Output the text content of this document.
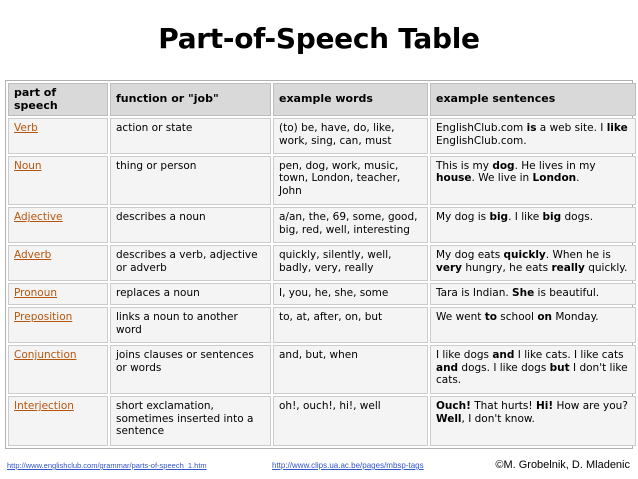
Part-of-Speech Table
part of speech	function or "job"	example words	example sentences
Verb	action or state	(to) be, have, do, like, work, sing, can, must	EnglishClub.com is a web site. I like EnglishClub.com.
Noun	thing or person	pen, dog, work, music, town, London, teacher, John	This is my dog. He lives in my house. We live in London.
Adjective	describes a noun	a/an, the, 69, some, good, big, red, well, interesting	My dog is big. I like big dogs.
Adverb	describes a verb, adjective or adverb	quickly, silently, well, badly, very, really	My dog eats quickly. When he is very hungry, he eats really quickly.
Pronoun	replaces a noun	I, you, he, she, some	Tara is Indian. She is beautiful.
Preposition	links a noun to another word	to, at, after, on, but	We went to school on Monday.
Conjunction	joins clauses or sentences or words	and, but, when	I like dogs and I like cats. I like cats and dogs. I like dogs but I don't like cats.
Interjection	short exclamation, sometimes inserted into a sentence	oh!, ouch!, hi!, well	Ouch! That hurts! Hi! How are you? Well, I don't know.
http://www.englishclub.com/grammar/parts-of-speech_1.htm	http://www.clips.ua.ac.be/pages/mbsp-tags	©M. Grobelnik, D. Mladenic
